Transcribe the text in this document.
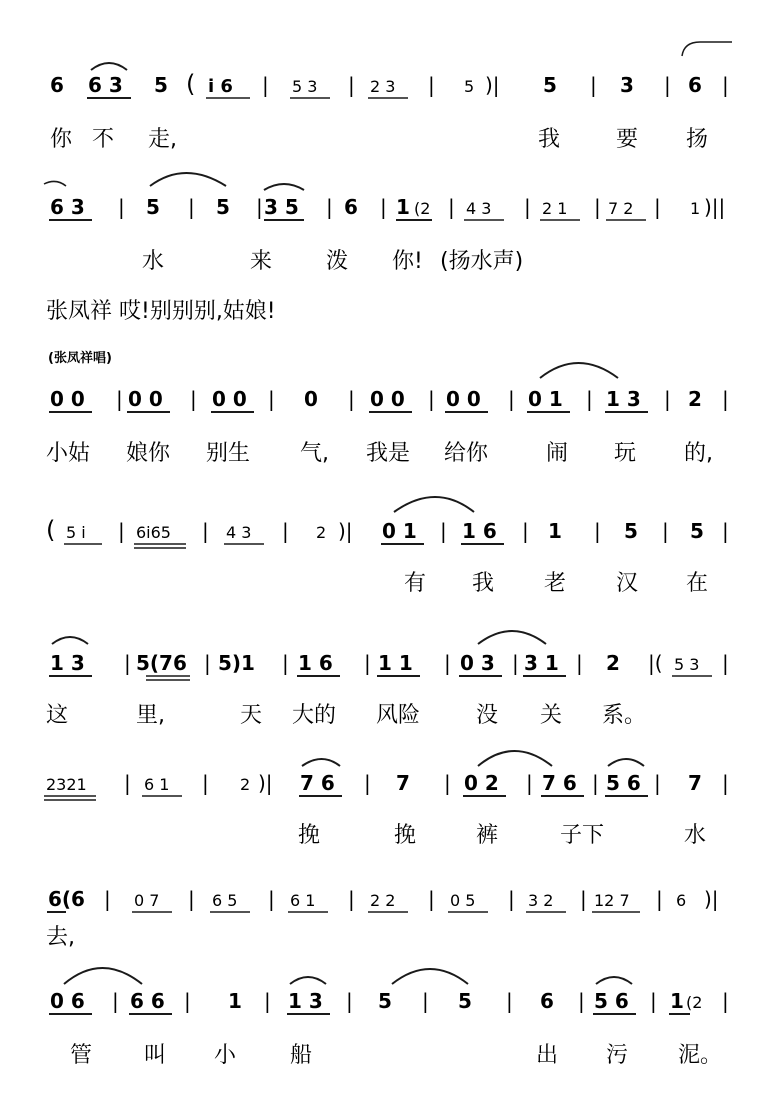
6 6 3 5 ( i 6 | 5 3 | 2 3 | 5 )| 5 | 3 | 6 |
你 不 走,	我	要 扬
6 3 | 5 | 5 | 3 5 | 6 | 1 (2 | 4 3 | 2 1 | 7 2 | 1 )||
水	来 泼 你! (扬水声)
张凤祥 哎!别别别,姑娘!
(张凤祥唱)
0 0 | 0 0 | 0 0 | 0 | 0 0 | 0 0 | 0 1 | 1 3 | 2 |
小姑 娘你 别生 气, 我是 给你	闹 玩 的,
( 5 i | 6i65 | 4 3 | 2 )| 0 1 | 1 6 | 1 | 5 | 5 |
有 我 老 汉 在
1 3 | 5(76 | 5)1 | 1 6 | 1 1 | 0 3 | 3 1 | 2 |( 5 3 |
这	里,	天 大的 风险	没 关 系。
2321 | 6 1 | 2 )| 7 6 | 7 | 0 2 | 7 6 | 5 6 | 7 |
挽	挽	裤	子下	水
6(6 | 0 7 | 6 5 | 6 1 | 2 2 | 0 5 | 3 2 | 12 7 | 6 )|
去,
0 6 | 6 6 | 1 | 1 3 | 5 | 5 | 6 | 5 6 | 1 (2 |
管 叫 小 船	出 污 泥。
